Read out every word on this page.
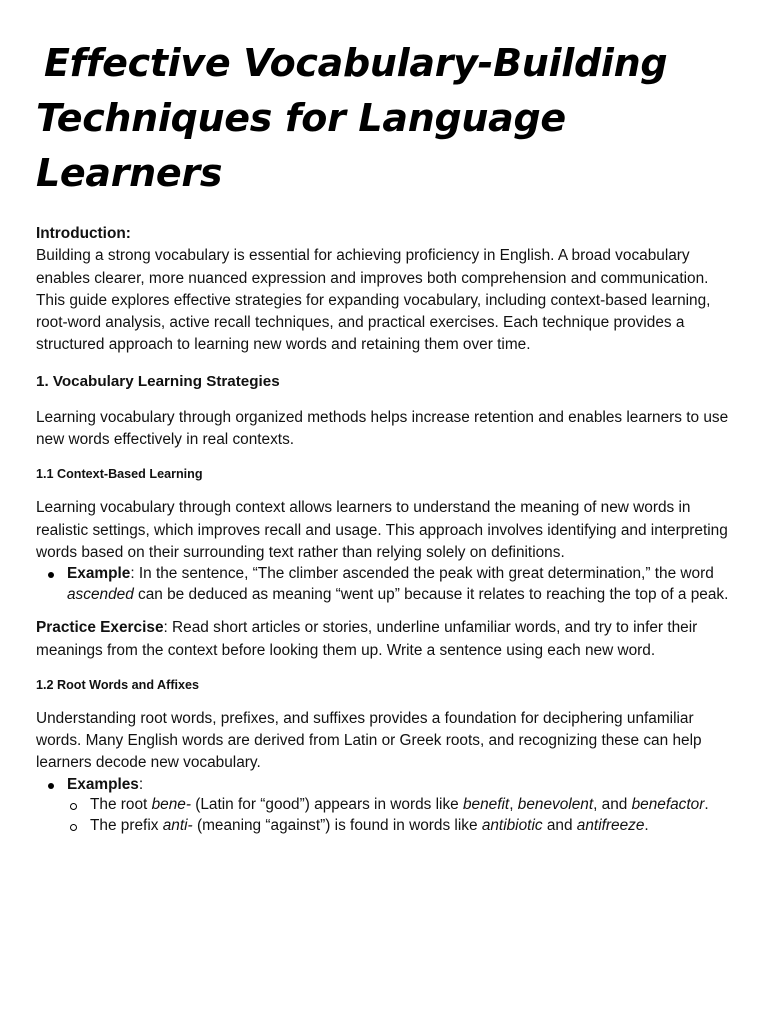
Effective Vocabulary-Building
Techniques for Language
Learners

Introduction:

Building a strong vocabulary is essential for achieving proficiency in English. A broad vocabulary enables clearer, more nuanced expression and improves both comprehension and communication. This guide explores effective strategies for expanding vocabulary, including context-based learning, root-word analysis, active recall techniques, and practical exercises. Each technique provides a structured approach to learning new words and retaining them over time.

1. Vocabulary Learning Strategies

Learning vocabulary through organized methods helps increase retention and enables learners to use new words effectively in real contexts.

1.1 Context-Based Learning

Learning vocabulary through context allows learners to understand the meaning of new words in realistic settings, which improves recall and usage. This approach involves identifying and interpreting words based on their surrounding text rather than relying solely on definitions.

Example: In the sentence, “The climber ascended the peak with great determination,” the word ascended can be deduced as meaning “went up” because it relates to reaching the top of a peak.

Practice Exercise: Read short articles or stories, underline unfamiliar words, and try to infer their meanings from the context before looking them up. Write a sentence using each new word.

1.2 Root Words and Affixes

Understanding root words, prefixes, and suffixes provides a foundation for deciphering unfamiliar words. Many English words are derived from Latin or Greek roots, and recognizing these can help learners decode new vocabulary.

Examples:
The root bene- (Latin for “good”) appears in words like benefit, benevolent, and benefactor.
The prefix anti- (meaning “against”) is found in words like antibiotic and antifreeze.
